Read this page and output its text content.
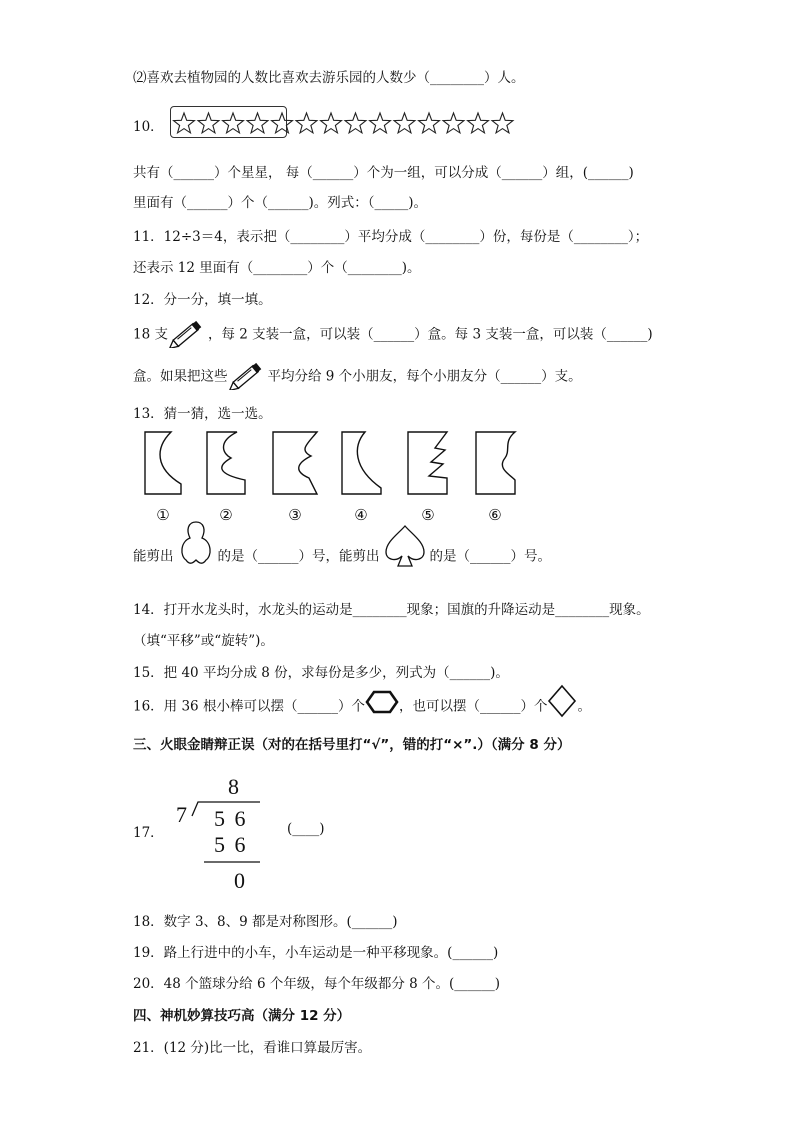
⑵喜欢去植物园的人数比喜欢去游乐园的人数少（________）人。
10．
共有（______）个星星， 每（______）个为一组，可以分成（______）组，(______)
里面有（______）个（______)。列式：（_____)。
11．12÷3＝4，表示把（________）平均分成（________）份，每份是（________）；
还表示 12 里面有（________）个（________)。
12．分一分，填一填。
18 支	，每 2 支装一盒，可以装（______）盒。每 3 支装一盒，可以装（______)
盒。如果把这些	平均分给 9 个小朋友，每个小朋友分（______）支。
13．猜一猜，选一选。
①	②	③	④	⑤	⑥
能剪出	的是（______）号，能剪出	的是（______）号。
14．打开水龙头时，水龙头的运动是________现象；国旗的升降运动是________现象。
（填“平移”或“旋转”)。
15．把 40 平均分成 8 份，求每份是多少，列式为（______)。
16．用 36 根小棒可以摆（______）个	，也可以摆（______）个 。
三、火眼金睛辩正误（对的在括号里打“√”，错的打“×”.）（满分 8 分）
17．
8
7 5 6
5 6
0
(____)
18．数字 3、8、9 都是对称图形。(______)
19．路上行进中的小车，小车运动是一种平移现象。(______)
20．48 个篮球分给 6 个年级，每个年级都分 8 个。(______)
四、神机妙算技巧高（满分 12 分）
21．(12 分)比一比，看谁口算最厉害。
